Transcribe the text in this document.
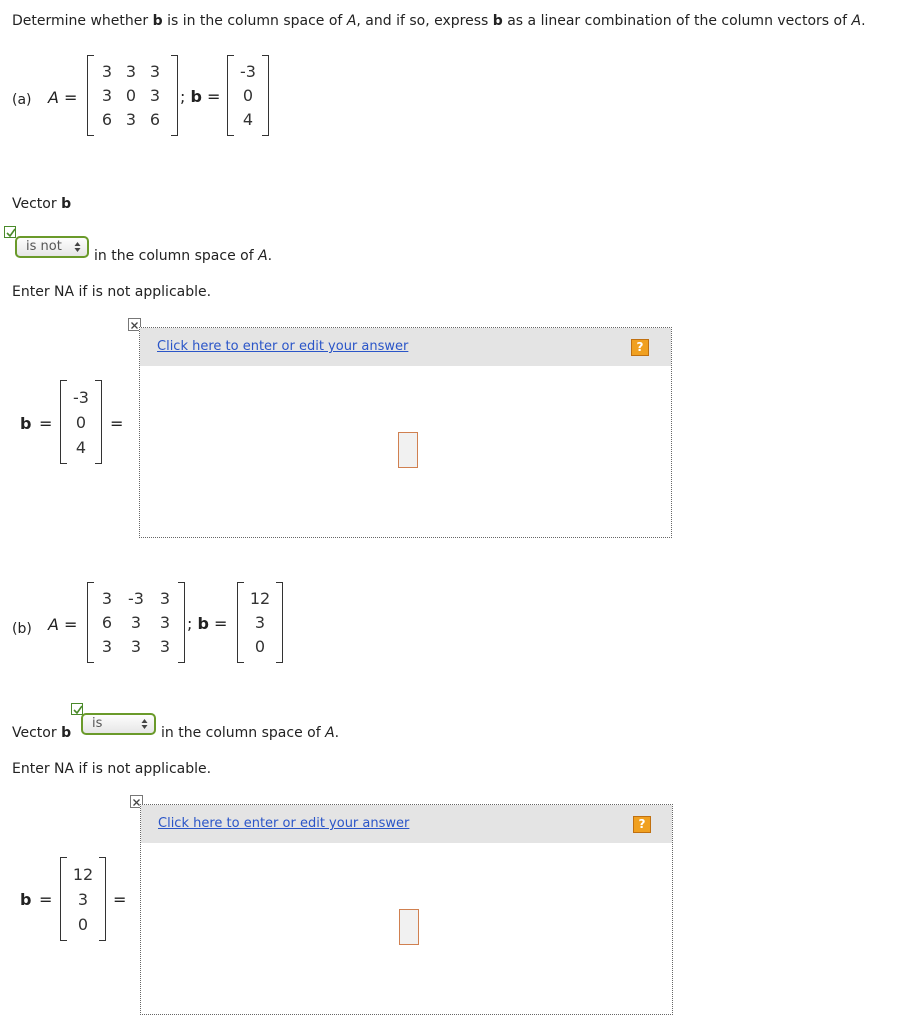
Determine whether b is in the column space of A, and if so, express b as a linear combination of the column vectors of A.
(a) A =
3 3 3
3 0 3
6 3 6
; b =
-3
0
4
Vector b
is not
in the column space of A.
Enter NA if is not applicable.
Click here to enter or edit your answer	?
b =
-3
0
4
=
(b) A =
3 -3 3
6 3 3
3 3 3
; b =
12
3
0
Vector b
is
in the column space of A.
Enter NA if is not applicable.
Click here to enter or edit your answer	?
b =
12
3
0
=
